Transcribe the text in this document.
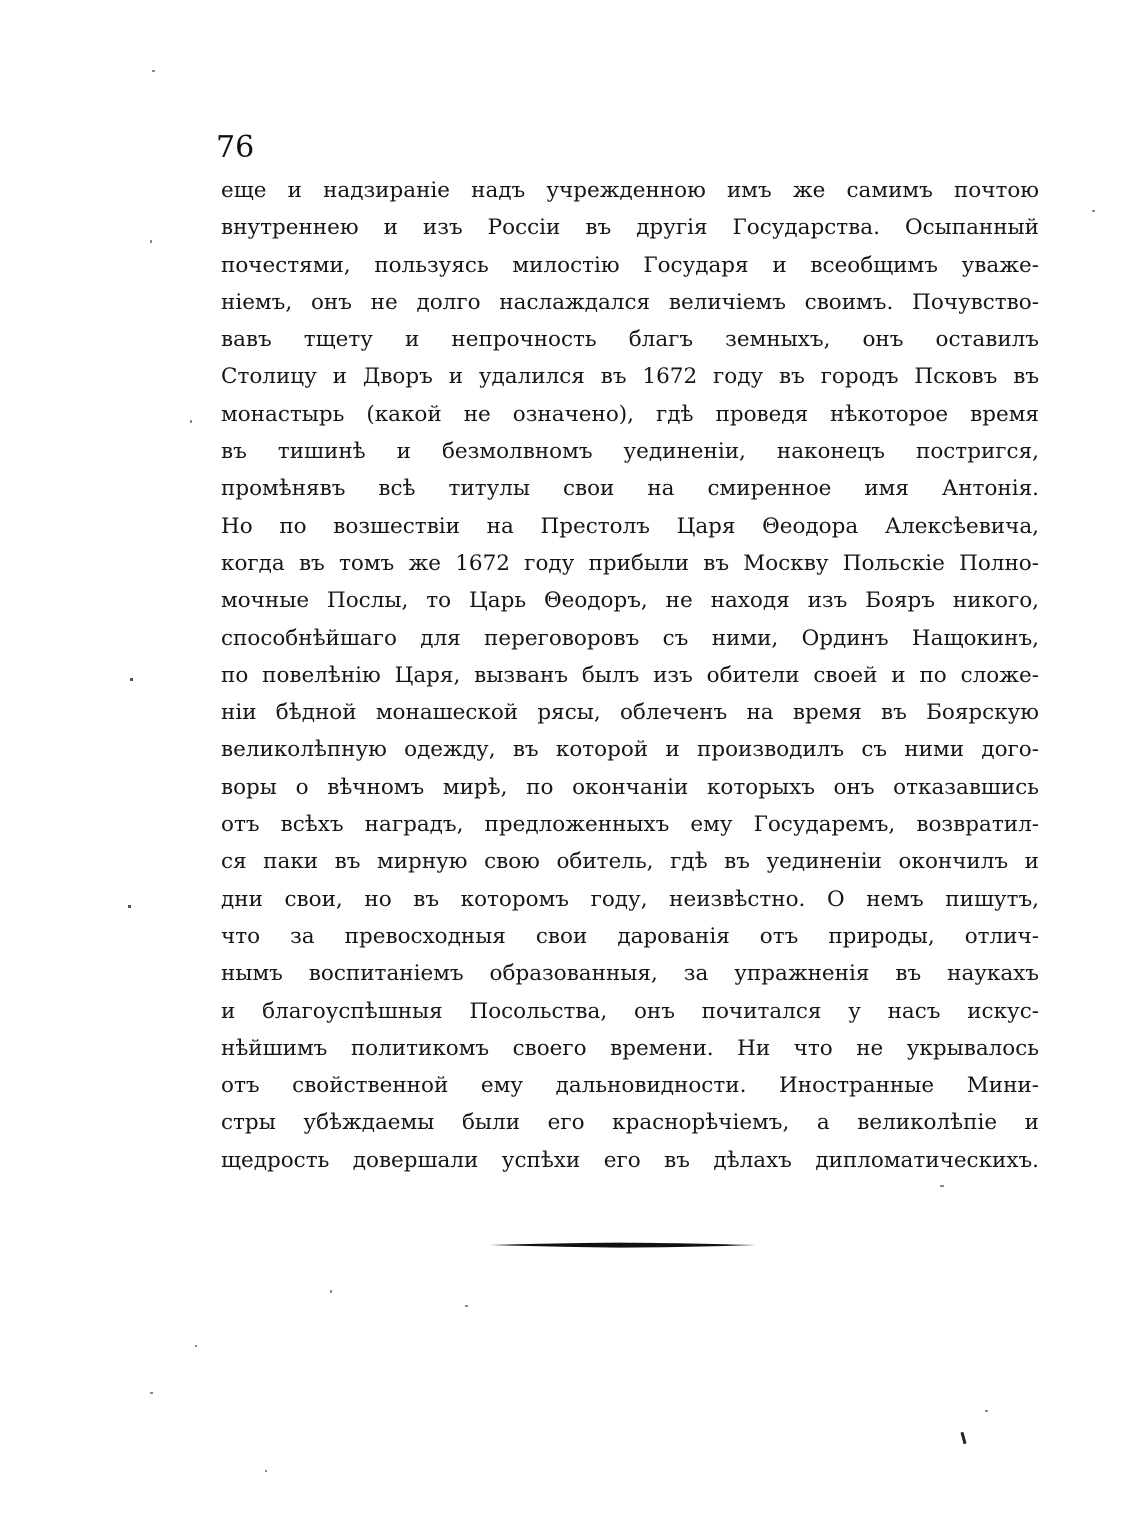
76
еще и надзиранie надъ учрежденною имъ же самимъ почтою
внутреннею и изъ Россiи въ другiя Государства. Осыпанный
почестями, пользуясь милостiю Государя и всеобщимъ уваже-
нiемъ, онъ не долго наслаждался величiемъ своимъ. Почувство-
вавъ тщету и непрочность благъ земныхъ, онъ оставилъ
Столицу и Дворъ и удалился въ 1672 году въ городъ Псковъ въ
монастырь (какой не означено), гдѣ проведя нѣкоторое время
въ тишинѣ и безмолвномъ уединенiи, наконецъ постригся,
промѣнявъ всѣ титулы свои на смиренное имя Антонiя.
Но по возшествiи на Престолъ Царя Θеодора Алексѣевича,
когда въ томъ же 1672 году прибыли въ Москву Польскiе Полно-
мочные Послы, то Царь Θеодоръ, не находя изъ Бояръ никого,
способнѣйшаго для переговоровъ съ ними, Ординъ Нащокинъ,
по повелѣнiю Царя, вызванъ былъ изъ обители своей и по сложе-
нiи бѣдной монашеской рясы, облеченъ на время въ Боярскую
великолѣпную одежду, въ которой и производилъ съ ними дого-
воры о вѣчномъ мирѣ, по окончанiи которыхъ онъ отказавшись
отъ всѣхъ наградъ, предложенныхъ ему Государемъ, возвратил-
ся паки въ мирную свою обитель, гдѣ въ уединенiи окончилъ и
дни свои, но въ которомъ году, неизвѣстно. О немъ пишутъ,
что за превосходныя свои дарованiя отъ природы, отлич-
нымъ воспитанiемъ образованныя, за упражненiя въ наукахъ
и благоуспѣшныя Посольства, онъ почитался у насъ искус-
нѣйшимъ политикомъ своего времени. Ни что не укрывалось
отъ свойственной ему дальновидности. Иностранные Мини-
стры убѣждаемы были его краснорѣчiемъ, а великолѣпiе и
щедрость довершали успѣхи его въ дѣлахъ дипломатическихъ.
